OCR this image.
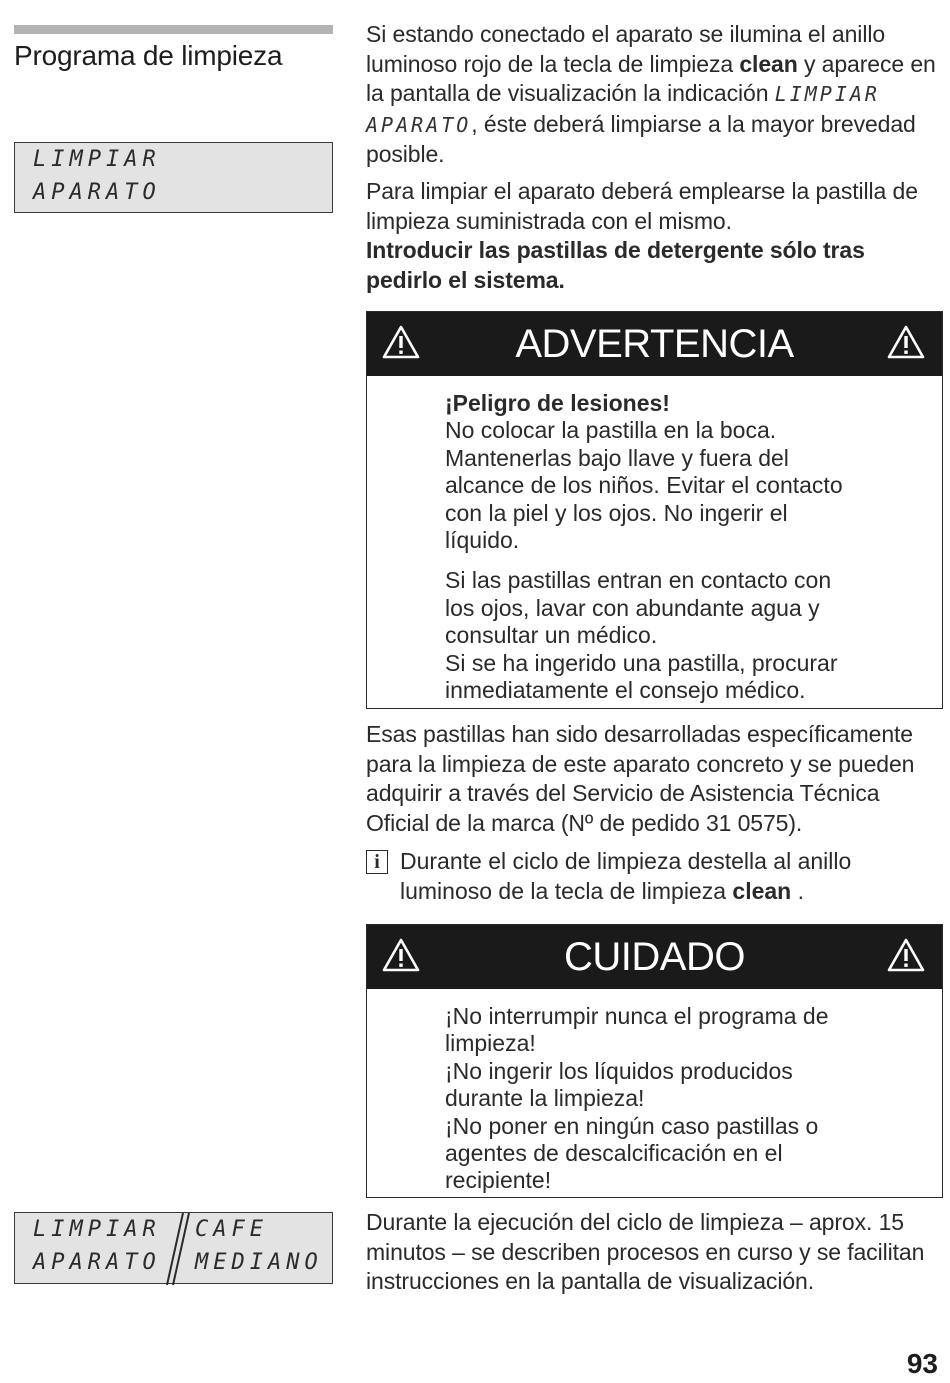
Programa de limpieza
LIMPIAR
APARATO
LIMPIAR
APARATO
CAFE
MEDIANO

Si estando conectado el aparato se ilumina el anillo luminoso rojo de la tecla de limpieza clean y aparece en la pantalla de visualización la indicación LIMPIAR APARATO, éste deberá limpiarse a la mayor brevedad posible.

Para limpiar el aparato deberá emplearse la pastilla de limpieza suministrada con el mismo.

Introducir las pastillas de detergente sólo tras pedirlo el sistema.

ADVERTENCIA
¡Peligro de lesiones!
No colocar la pastilla en la boca.
Mantenerlas bajo llave y fuera del
alcance de los niños. Evitar el contacto
con la piel y los ojos. No ingerir el
líquido.
Si las pastillas entran en contacto con
los ojos, lavar con abundante agua y
consultar un médico.
Si se ha ingerido una pastilla, procurar
inmediatamente el consejo médico.

Esas pastillas han sido desarrolladas específicamente para la limpieza de este aparato concreto y se pueden adquirir a través del Servicio de Asistencia Técnica Oficial de la marca (Nº de pedido 31 0575).

i Durante el ciclo de limpieza destella al anillo luminoso de la tecla de limpieza clean .
CUIDADO
¡No interrumpir nunca el programa de
limpieza!
¡No ingerir los líquidos producidos
durante la limpieza!
¡No poner en ningún caso pastillas o
agentes de descalcificación en el
recipiente!

Durante la ejecución del ciclo de limpieza – aprox. 15 minutos – se describen procesos en curso y se facilitan instrucciones en la pantalla de visualización.

93
